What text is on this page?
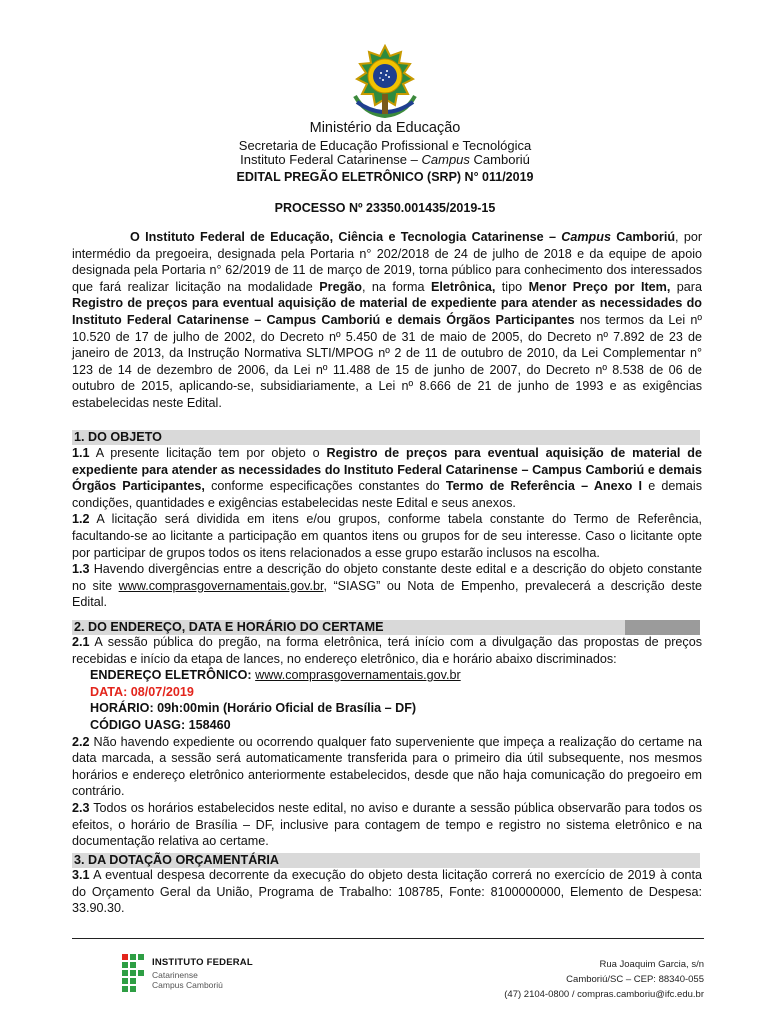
Ministério da Educação
Secretaria de Educação Profissional e Tecnológica
Instituto Federal Catarinense – Campus Camboriú
EDITAL PREGÃO ELETRÔNICO (SRP) N° 011/2019
PROCESSO Nº 23350.001435/2019-15

O Instituto Federal de Educação, Ciência e Tecnologia Catarinense – Campus Camboriú, por intermédio da pregoeira, designada pela Portaria n° 202/2018 de 24 de julho de 2018 e da equipe de apoio designada pela Portaria n° 62/2019 de 11 de março de 2019, torna público para conhecimento dos interessados que fará realizar licitação na modalidade Pregão, na forma Eletrônica, tipo Menor Preço por Item, para Registro de preços para eventual aquisição de material de expediente para atender as necessidades do Instituto Federal Catarinense – Campus Camboriú e demais Órgãos Participantes nos termos da Lei nº 10.520 de 17 de julho de 2002, do Decreto nº 5.450 de 31 de maio de 2005, do Decreto nº 7.892 de 23 de janeiro de 2013, da Instrução Normativa SLTI/MPOG nº 2 de 11 de outubro de 2010, da Lei Complementar n° 123 de 14 de dezembro de 2006, da Lei nº 11.488 de 15 de junho de 2007, do Decreto nº 8.538 de 06 de outubro de 2015, aplicando-se, subsidiariamente, a Lei nº 8.666 de 21 de junho de 1993 e as exigências estabelecidas neste Edital.

1. DO OBJETO

1.1 A presente licitação tem por objeto o Registro de preços para eventual aquisição de material de expediente para atender as necessidades do Instituto Federal Catarinense – Campus Camboriú e demais Órgãos Participantes, conforme especificações constantes do Termo de Referência – Anexo I e demais condições, quantidades e exigências estabelecidas neste Edital e seus anexos.

1.2 A licitação será dividida em itens e/ou grupos, conforme tabela constante do Termo de Referência, facultando-se ao licitante a participação em quantos itens ou grupos for de seu interesse. Caso o licitante opte por participar de grupos todos os itens relacionados a esse grupo estarão inclusos na escolha.

1.3 Havendo divergências entre a descrição do objeto constante deste edital e a descrição do objeto constante no site www.comprasgovernamentais.gov.br, “SIASG” ou Nota de Empenho, prevalecerá a descrição deste Edital.

2. DO ENDEREÇO, DATA E HORÁRIO DO CERTAME

2.1 A sessão pública do pregão, na forma eletrônica, terá início com a divulgação das propostas de preços recebidas e início da etapa de lances, no endereço eletrônico, dia e horário abaixo discriminados:

ENDEREÇO ELETRÔNICO: www.comprasgovernamentais.gov.br

DATA: 08/07/2019

HORÁRIO: 09h:00min (Horário Oficial de Brasília – DF)

CÓDIGO UASG: 158460

2.2 Não havendo expediente ou ocorrendo qualquer fato superveniente que impeça a realização do certame na data marcada, a sessão será automaticamente transferida para o primeiro dia útil subsequente, nos mesmos horários e endereço eletrônico anteriormente estabelecidos, desde que não haja comunicação do pregoeiro em contrário.

2.3 Todos os horários estabelecidos neste edital, no aviso e durante a sessão pública observarão para todos os efeitos, o horário de Brasília – DF, inclusive para contagem de tempo e registro no sistema eletrônico e na documentação relativa ao certame.

3. DA DOTAÇÃO ORÇAMENTÁRIA

3.1 A eventual despesa decorrente da execução do objeto desta licitação correrá no exercício de 2019 à conta do Orçamento Geral da União, Programa de Trabalho: 108785, Fonte: 8100000000, Elemento de Despesa: 33.90.30.

INSTITUTO FEDERAL
Catarinense
Campus Camboriú
Rua Joaquim Garcia, s/n
Camboriú/SC – CEP: 88340-055
(47) 2104-0800 / compras.camboriu@ifc.edu.br
